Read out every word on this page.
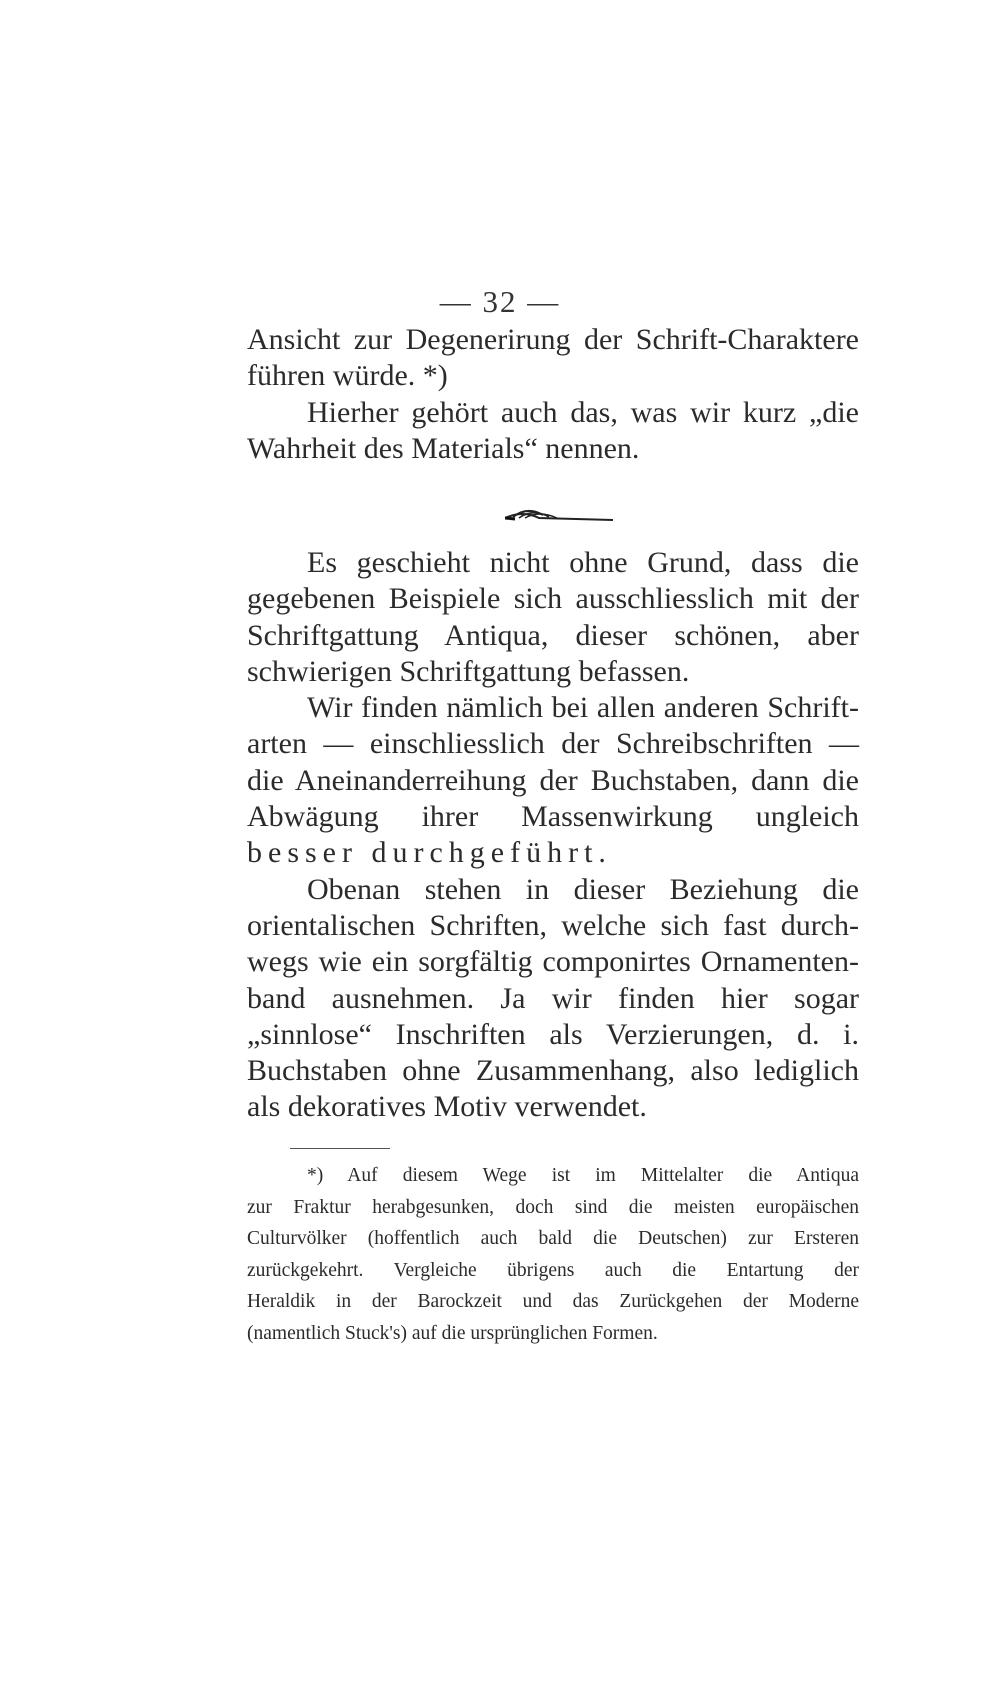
— 32 —
Ansicht zur Degenerirung der Schrift-Charaktere
führen würde. *)
Hierher gehört auch das, was wir kurz „die
Wahrheit des Materials“ nennen.
Es geschieht nicht ohne Grund, dass die
gegebenen Beispiele sich ausschliesslich mit der
Schriftgattung Antiqua, dieser schönen, aber
schwierigen Schriftgattung befassen.
Wir finden nämlich bei allen anderen Schrift-
arten — einschliesslich der Schreibschriften —
die Aneinanderreihung der Buchstaben, dann die
Abwägung ihrer Massenwirkung ungleich
besser durchgeführt.
Obenan stehen in dieser Beziehung die
orientalischen Schriften, welche sich fast durch-
wegs wie ein sorgfältig componirtes Ornamenten-
band ausnehmen. Ja wir finden hier sogar
„sinnlose“ Inschriften als Verzierungen, d. i.
Buchstaben ohne Zusammenhang, also lediglich
als dekoratives Motiv verwendet.
*) Auf diesem Wege ist im Mittelalter die Antiqua
zur Fraktur herabgesunken, doch sind die meisten europäischen
Culturvölker (hoffentlich auch bald die Deutschen) zur Ersteren
zurückgekehrt. Vergleiche übrigens auch die Entartung der
Heraldik in der Barockzeit und das Zurückgehen der Moderne
(namentlich Stuck's) auf die ursprünglichen Formen.
